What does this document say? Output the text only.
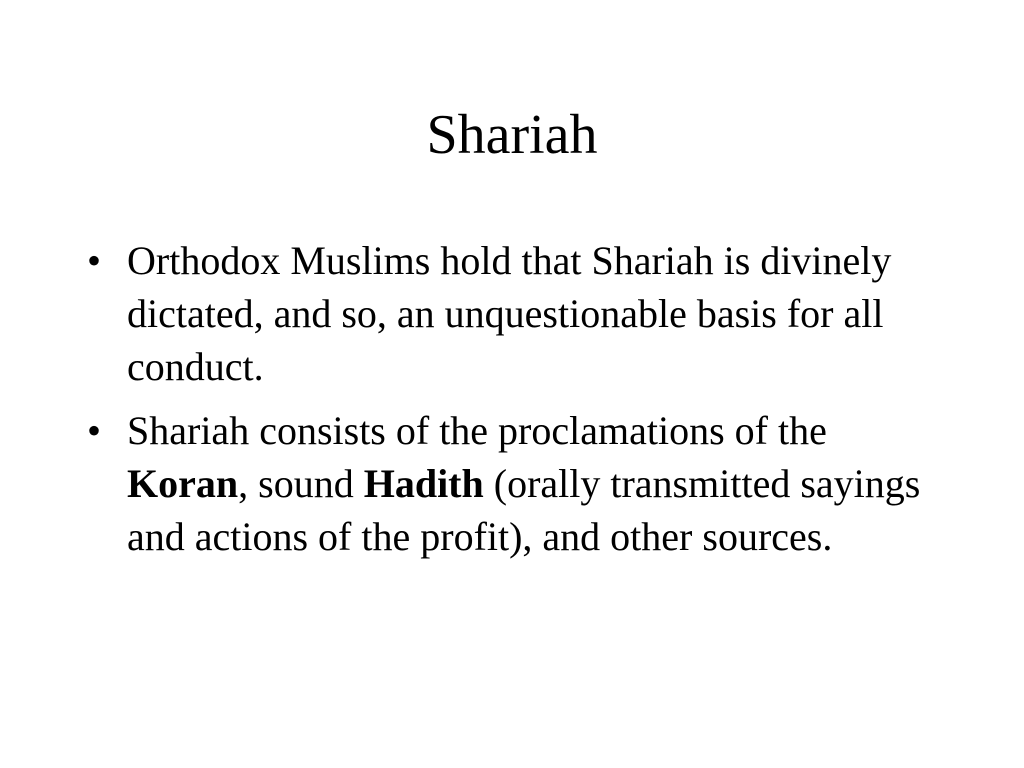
Shariah
• Orthodox Muslims hold that Shariah is divinely dictated, and so, an unquestionable basis for all conduct.
• Shariah consists of the proclamations of the Koran, sound Hadith (orally transmitted sayings and actions of the profit), and other sources.
